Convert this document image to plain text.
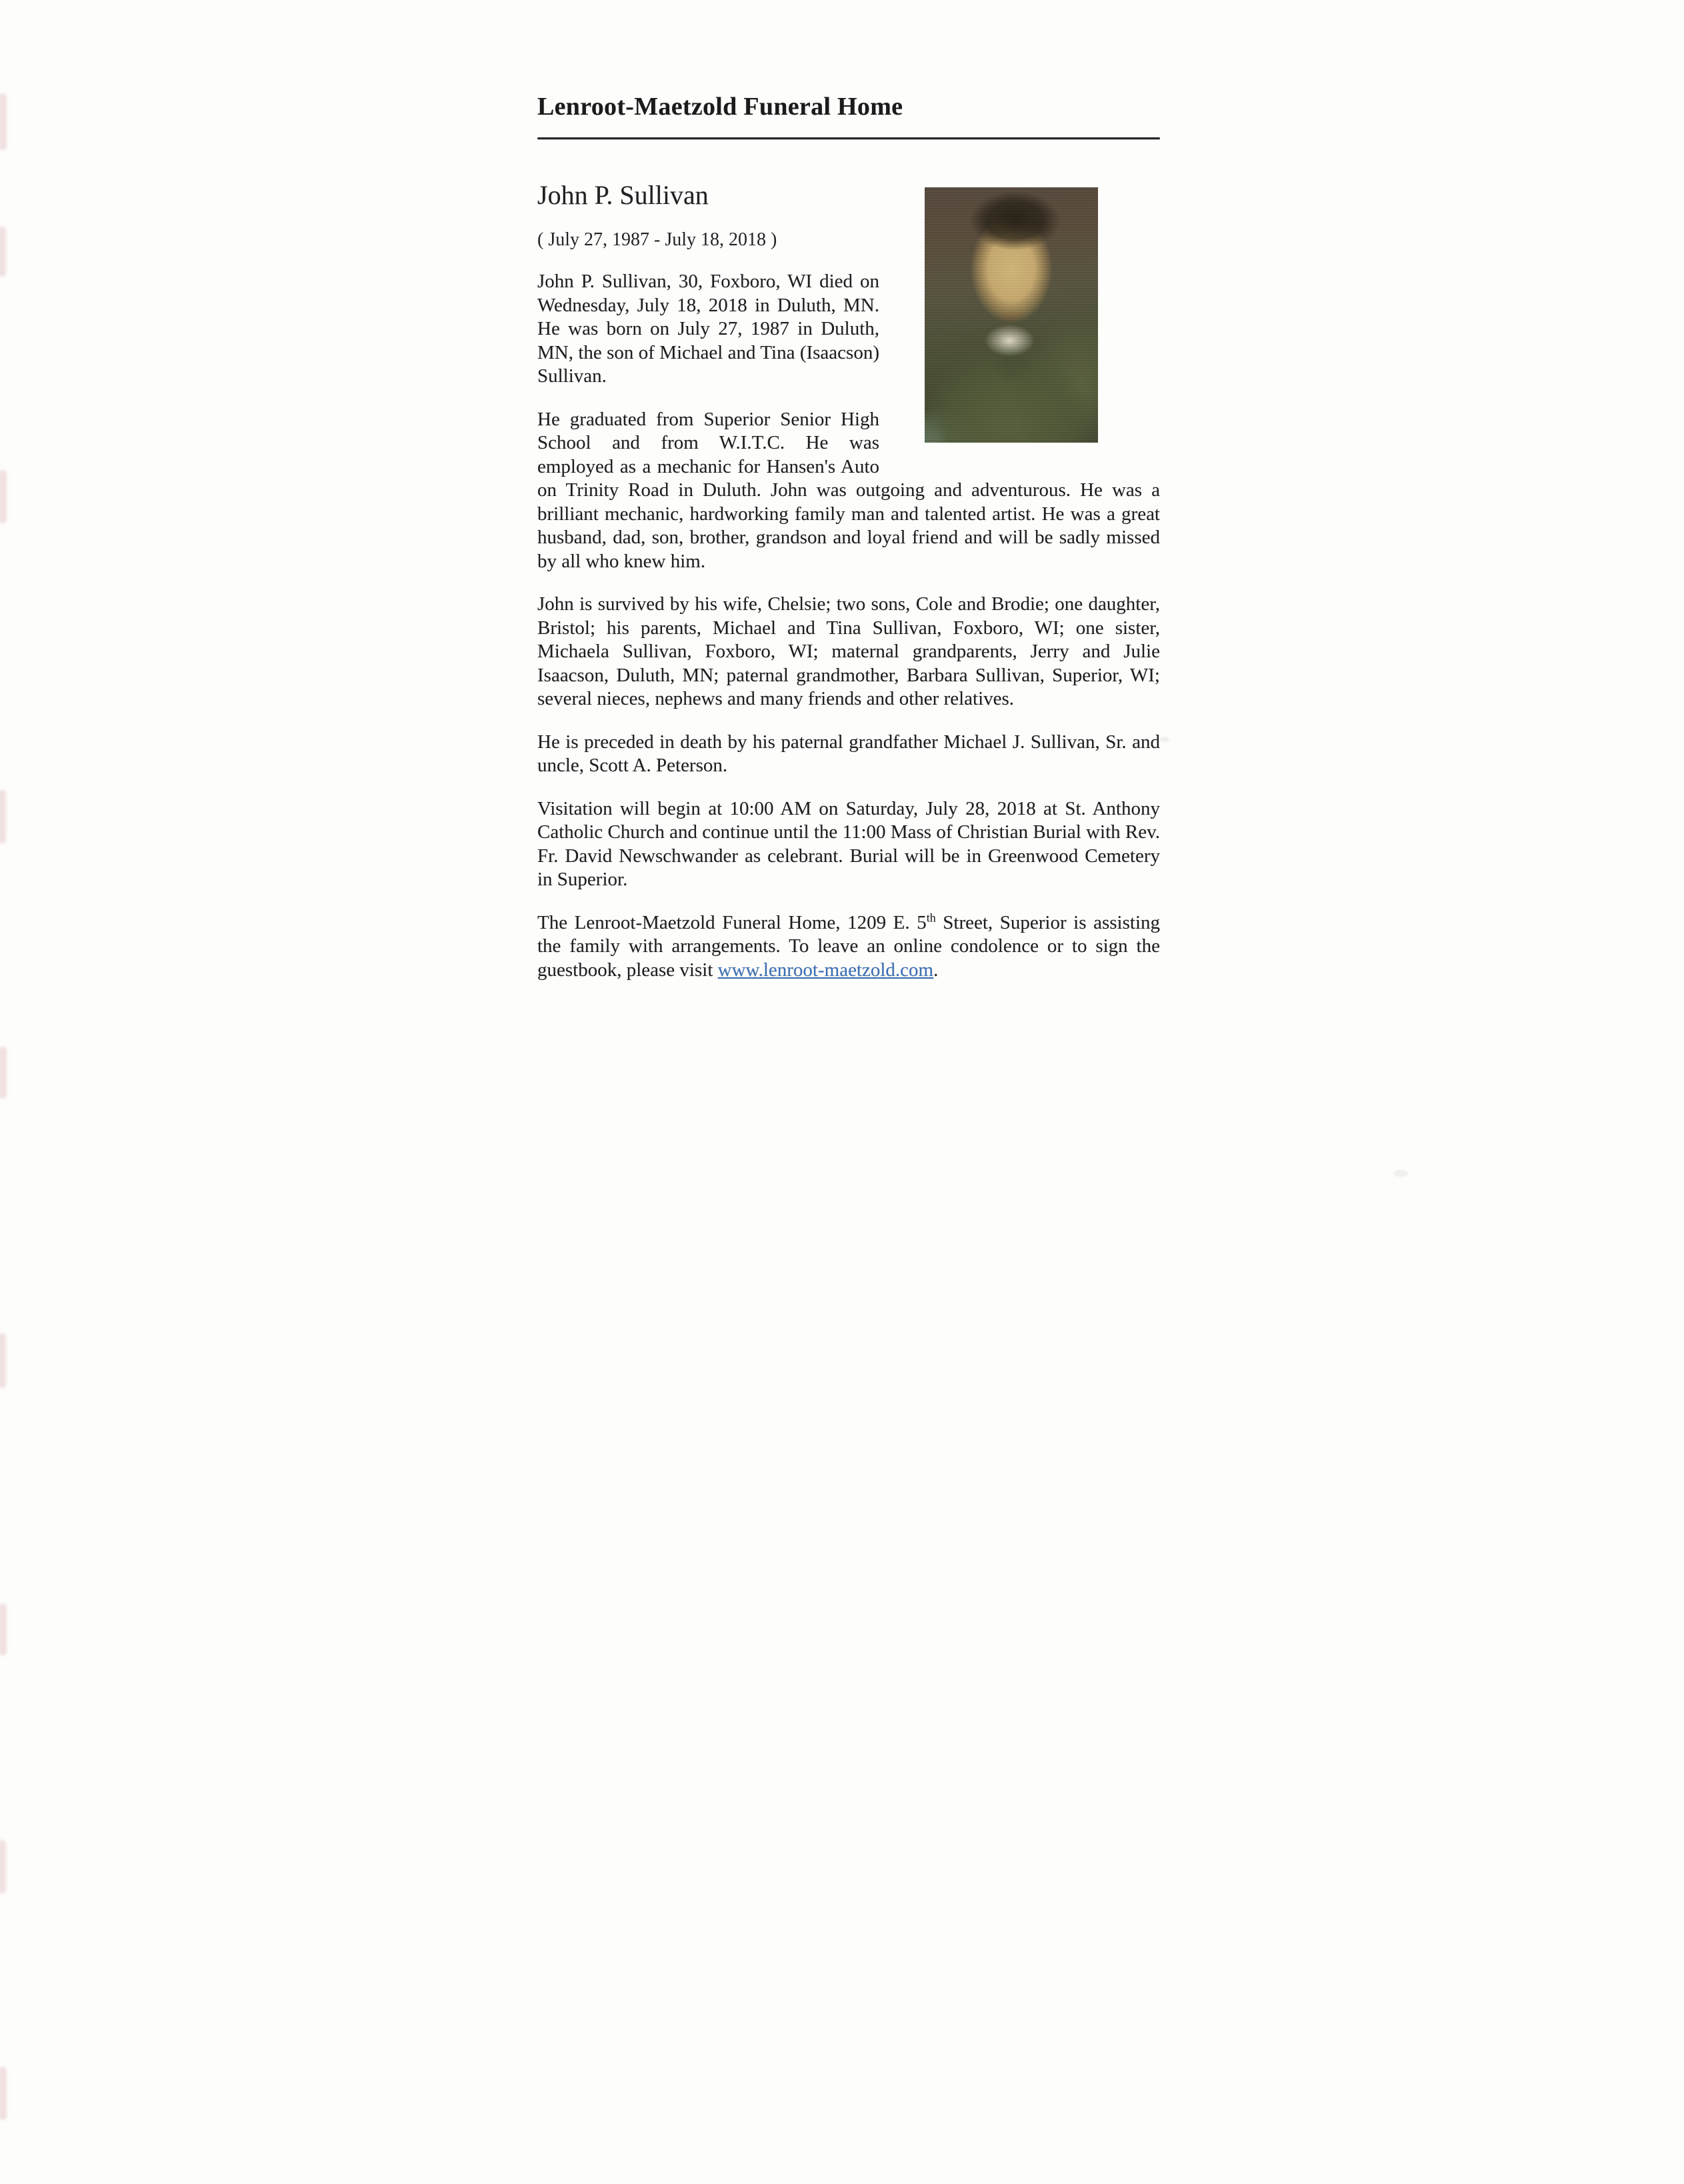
Lenroot-Maetzold Funeral Home
John P. Sullivan

( July 27, 1987 - July 18, 2018 )

John P. Sullivan, 30, Foxboro, WI died on Wednesday, July 18, 2018 in Duluth, MN. He was born on July 27, 1987 in Duluth, MN, the son of Michael and Tina (Isaacson) Sullivan.

He graduated from Superior Senior High School and from W.I.T.C. He was employed as a mechanic for Hansen's Auto on Trinity Road in Duluth. John was outgoing and adventurous. He was a brilliant mechanic, hardworking family man and talented artist. He was a great husband, dad, son, brother, grandson and loyal friend and will be sadly missed by all who knew him.

John is survived by his wife, Chelsie; two sons, Cole and Brodie; one daughter, Bristol; his parents, Michael and Tina Sullivan, Foxboro, WI; one sister, Michaela Sullivan, Foxboro, WI; maternal grandparents, Jerry and Julie Isaacson, Duluth, MN; paternal grandmother, Barbara Sullivan, Superior, WI; several nieces, nephews and many friends and other relatives.

He is preceded in death by his paternal grandfather Michael J. Sullivan, Sr. and uncle, Scott A. Peterson.

Visitation will begin at 10:00 AM on Saturday, July 28, 2018 at St. Anthony Catholic Church and continue until the 11:00 Mass of Christian Burial with Rev. Fr. David Newschwander as celebrant. Burial will be in Greenwood Cemetery in Superior.

The Lenroot-Maetzold Funeral Home, 1209 E. 5th Street, Superior is assisting the family with arrangements. To leave an online condolence or to sign the guestbook, please visit www.lenroot-maetzold.com.
